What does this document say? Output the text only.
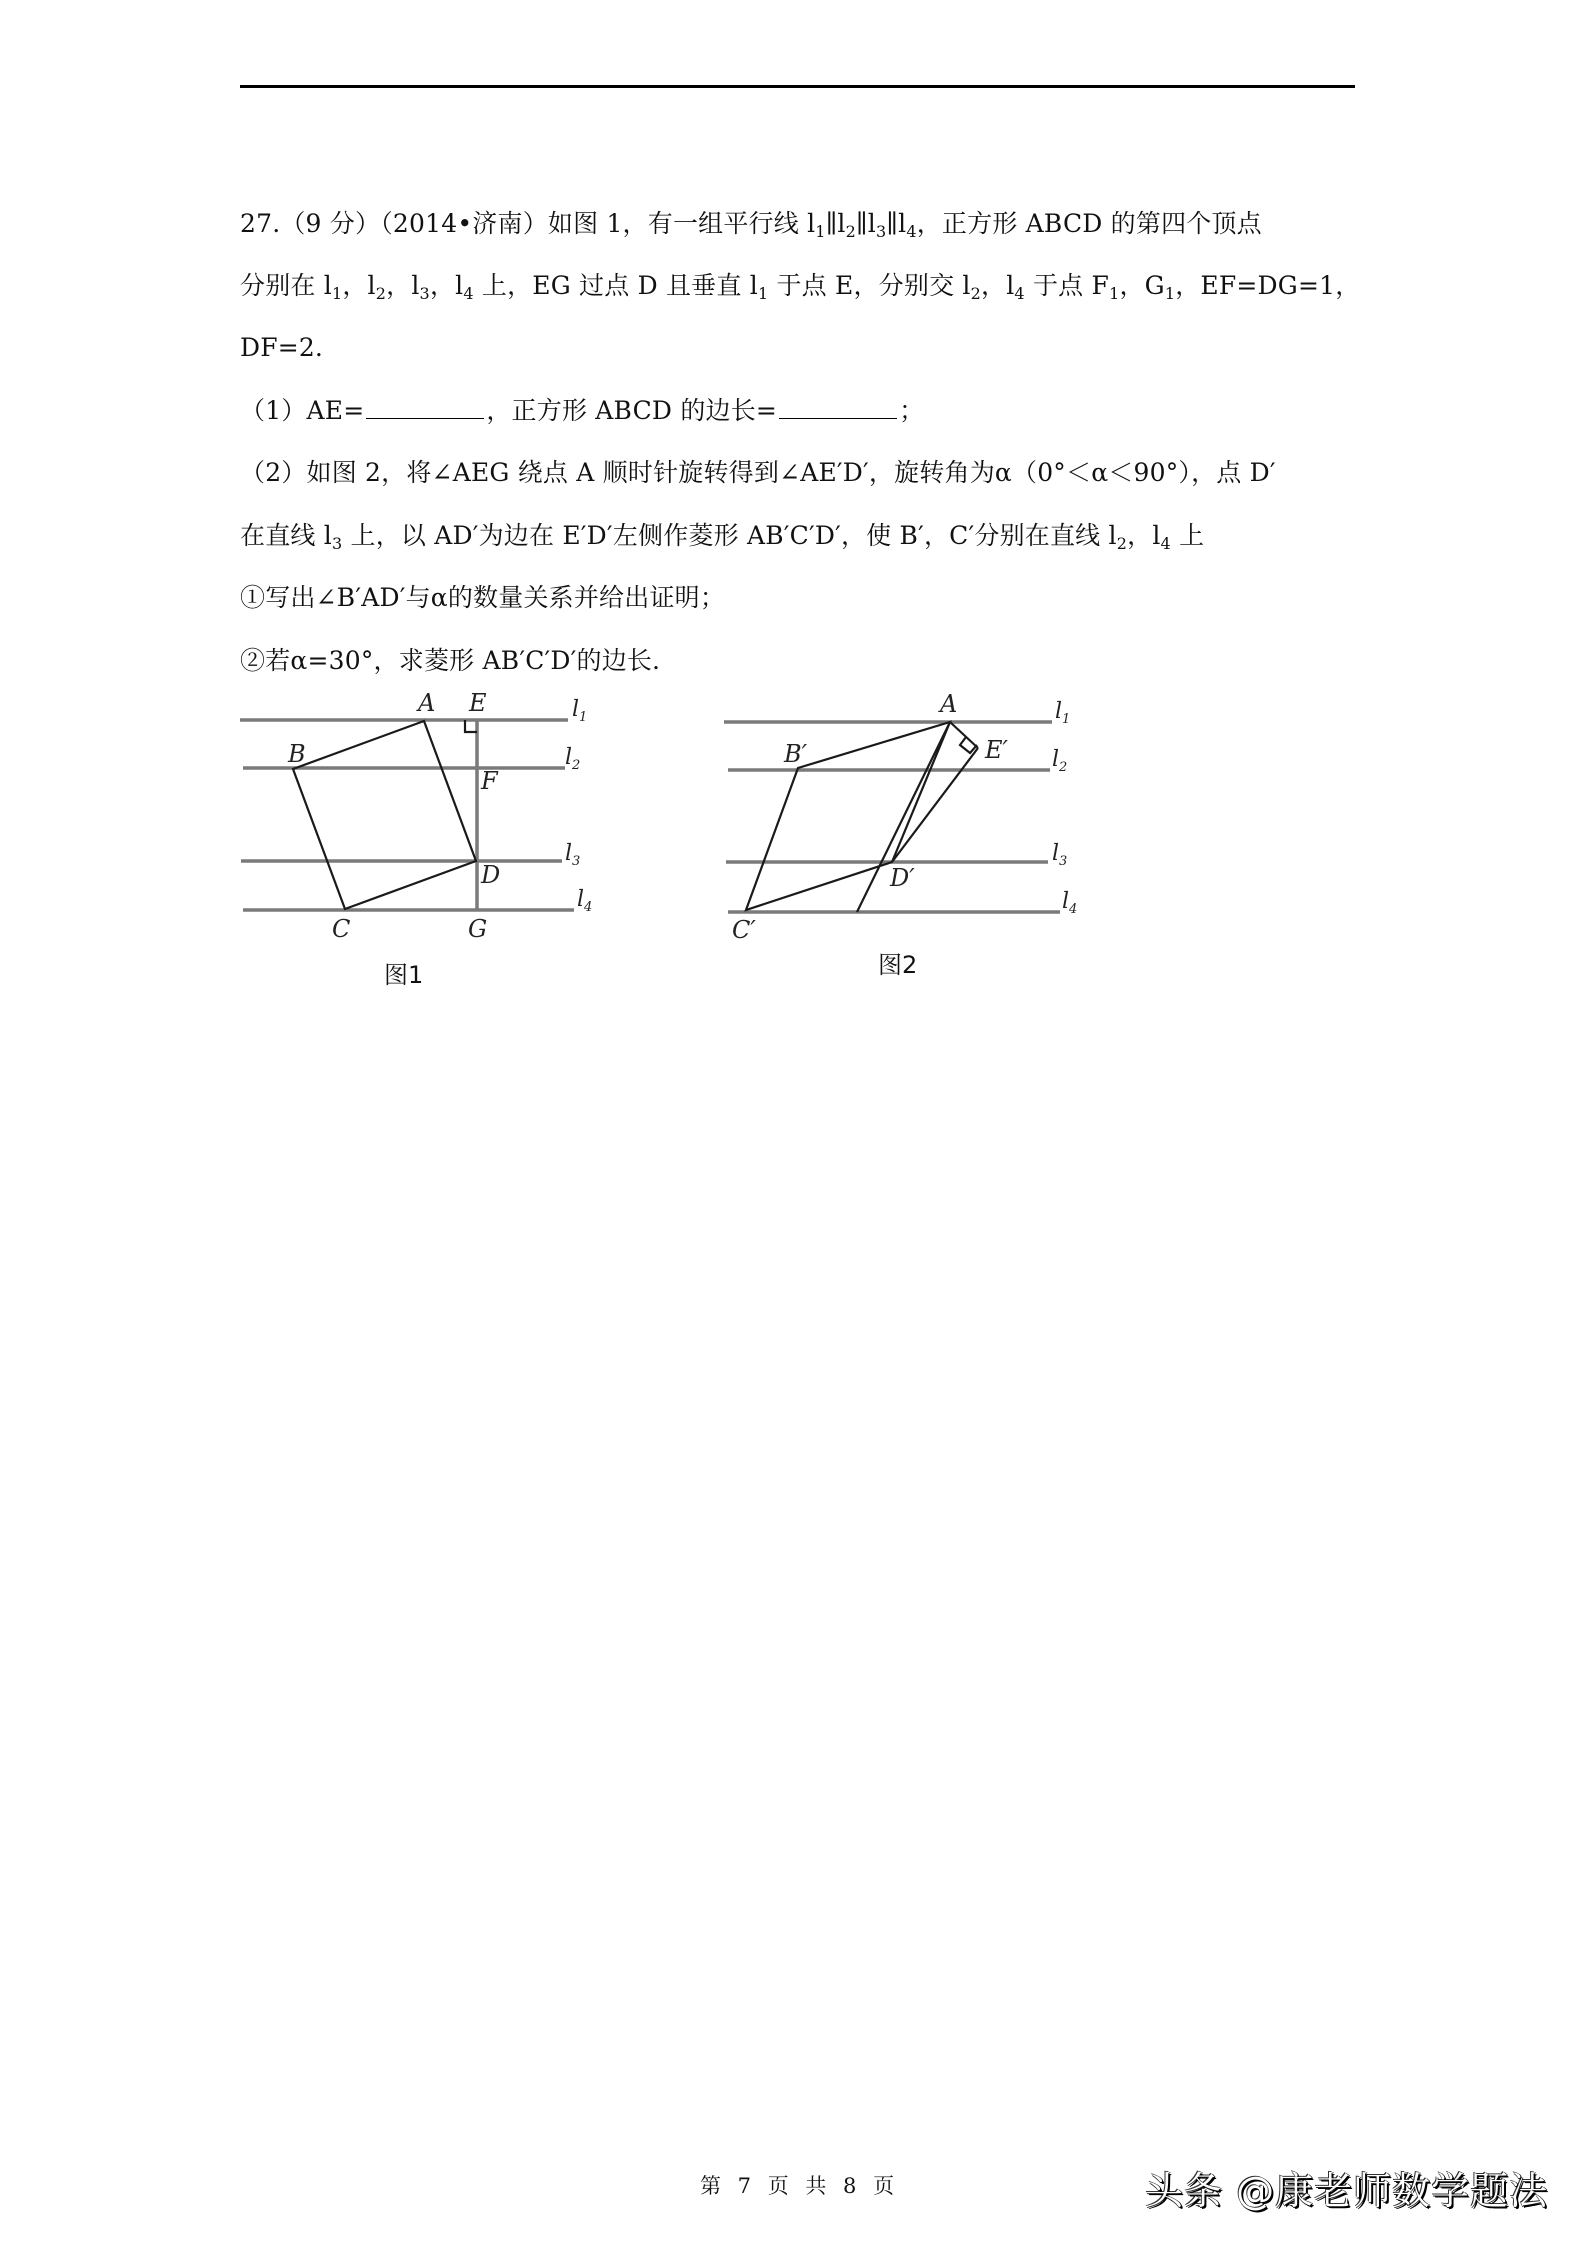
27.（9 分）（2014•济南）如图 1，有一组平行线 $l_1\parallel l_2\parallel l_3\parallel l_4$，正方形 ABCD 的第四个顶点
分别在 $l_1$，$l_2$，$l_3$，$l_4$ 上，EG 过点 D 且垂直 $l_1$ 于点 E，分别交 $l_2$，$l_4$ 于点 $F_1$，$G_1$，EF=DG=1，
DF=2．
（1）AE=	，正方形 ABCD 的边长=	；
（2）如图 2，将∠AEG 绕点 A 顺时针旋转得到∠AE′D′，旋转角为α（0°＜α＜90°），点 D′
在直线 $l_3$ 上，以 AD′为边在 E′D′左侧作菱形 AB′C′D′，使 B′，C′分别在直线 $l_2$，$l_4$ 上
①写出∠B′AD′与α的数量关系并给出证明；
②若α=30°，求菱形 AB′C′D′的边长．
A E
B
F
D
C	G
$l_1$
$l_2$
$l_3$
$l_4$
图1
A
E′
B′
D′
C′
$l_1$
$l_2$
$l_3$
$l_4$
图2
第 7 页 共 8 页	头条 @康老师数学题法
